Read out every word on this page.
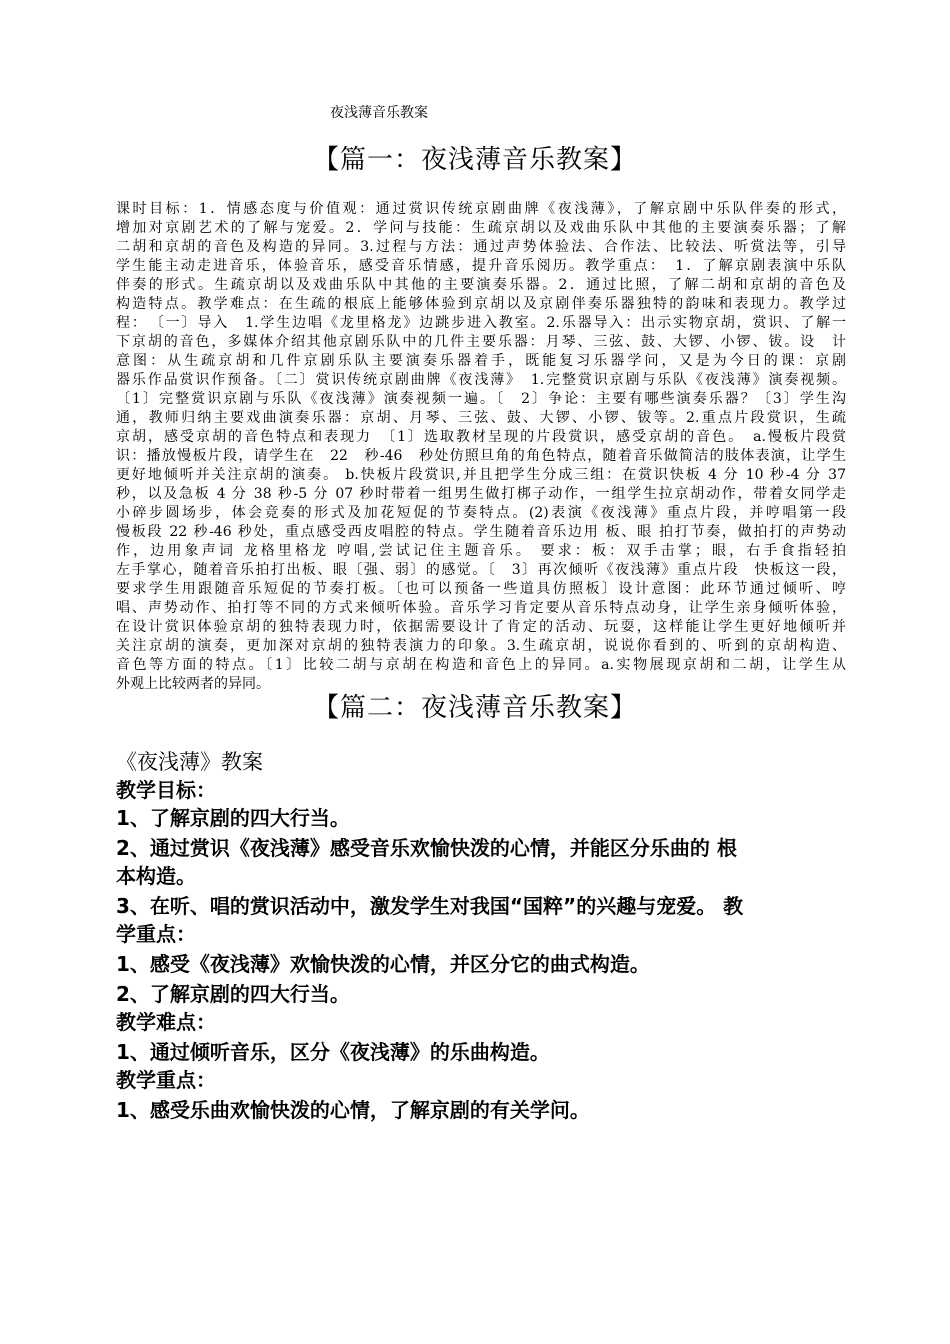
夜浅薄音乐教案
【篇一：夜浅薄音乐教案】
课时目标：1．情感态度与价值观：通过赏识传统京剧曲牌《夜浅薄》，了解京剧中乐队伴奏的形式，
增加对京剧艺术的了解与宠爱。2．学问与技能：生疏京胡以及戏曲乐队中其他的主要演奏乐器；了解
二胡和京胡的音色及构造的异同。3.过程与方法：通过声势体验法、合作法、比较法、听赏法等，引导
学生能主动走进音乐，体验音乐，感受音乐情感，提升音乐阅历。教学重点：　1．了解京剧表演中乐队
伴奏的形式。生疏京胡以及戏曲乐队中其他的主要演奏乐器。2．通过比照，了解二胡和京胡的音色及
构造特点。教学难点：在生疏的根底上能够体验到京胡以及京剧伴奏乐器独特的韵味和表现力。教学过
程：　〔一〕导入　1.学生边唱《龙里格龙》边跳步进入教室。2.乐器导入：出示实物京胡，赏识、了解一
下京胡的音色，多媒体介绍其他京剧乐队中的几件主要乐器：月琴、三弦、鼓、大锣、小锣、钹。设　计
意图：从生疏京胡和几件京剧乐队主要演奏乐器着手，既能复习乐器学问，又是为今日的课：京剧
器乐作品赏识作预备。〔二〕赏识传统京剧曲牌《夜浅薄》　1.完整赏识京剧与乐队《夜浅薄》演奏视频。
〔1〕完整赏识京剧与乐队《夜浅薄》演奏视频一遍。〔　2〕争论：主要有哪些演奏乐器？〔3〕学生沟
通，教师归纳主要戏曲演奏乐器：京胡、月琴、三弦、鼓、大锣、小锣、钹等。2.重点片段赏识，生疏
京胡，感受京胡的音色特点和表现力　〔1〕选取教材呈现的片段赏识，感受京胡的音色。　a.慢板片段赏
识：播放慢板片段，请学生在　22　秒-46　秒处仿照旦角的角色特点，随着音乐做简洁的肢体表演，让学生
更好地倾听并关注京胡的演奏。 b.快板片段赏识,并且把学生分成三组：在赏识快板 4 分 10 秒-4 分 37
秒，以及急板 4 分 38 秒-5 分 07 秒时带着一组男生做打梆子动作，一组学生拉京胡动作，带着女同学走
小碎步圆场步，体会竞奏的形式及加花短促的节奏特点。(2)表演《夜浅薄》重点片段，并哼唱第一段
慢板段 22 秒-46 秒处，重点感受西皮唱腔的特点。学生随着音乐边用 板、眼 拍打节奏，做拍打的声势动
作，边用象声词 龙格里格龙 哼唱,尝试记住主题音乐。 要求：板：双手击掌；眼，右手食指轻拍
左手掌心，随着音乐拍打出板、眼〔强、弱〕的感觉。〔　3〕再次倾听《夜浅薄》重点片段　快板这一段，
要求学生用跟随音乐短促的节奏打板。〔也可以预备一些道具仿照板〕设计意图：此环节通过倾听、哼
唱、声势动作、拍打等不同的方式来倾听体验。音乐学习肯定要从音乐特点动身，让学生亲身倾听体验，
在设计赏识体验京胡的独特表现力时，依据需要设计了肯定的活动、玩耍，这样能让学生更好地倾听并
关注京胡的演奏，更加深对京胡的独特表演力的印象。3.生疏京胡，说说你看到的、听到的京胡构造、
音色等方面的特点。〔1〕比较二胡与京胡在构造和音色上的异同。a.实物展现京胡和二胡，让学生从
外观上比较两者的异同。
【篇二：夜浅薄音乐教案】
《夜浅薄》教案
教学目标：
1、了解京剧的四大行当。
2、通过赏识《夜浅薄》感受音乐欢愉快泼的心情，并能区分乐曲的 根
本构造。
3、在听、唱的赏识活动中，激发学生对我国“国粹”的兴趣与宠爱。 教
学重点：
1、感受《夜浅薄》欢愉快泼的心情，并区分它的曲式构造。
2、了解京剧的四大行当。
教学难点：
1、通过倾听音乐，区分《夜浅薄》的乐曲构造。
教学重点：
1、感受乐曲欢愉快泼的心情，了解京剧的有关学问。
